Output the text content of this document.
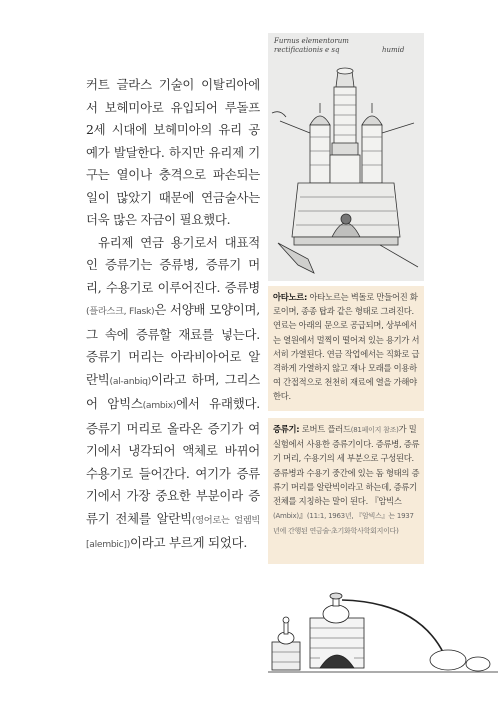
커트 글라스 기술이 이탈리아에서 보헤미아로 유입되어 루돌프 2세 시대에 보헤미아의 유리 공예가 발달한다. 하지만 유리제 기구는 열이나 충격으로 파손되는 일이 많았기 때문에 연금술사는 더욱 많은 자금이 필요했다.

유리제 연금 용기로서 대표적인 증류기는 증류병, 증류기 머리, 수용기로 이루어진다. 증류병(플라스크, Flask)은 서양배 모양이며, 그 속에 증류할 재료를 넣는다. 증류기 머리는 아라비아어로 알란빅(al-anbiq)이라고 하며, 그리스어 암빅스(ambix)에서 유래했다. 증류기 머리로 올라온 증기가 여기에서 냉각되어 액체로 바뀌어 수용기로 들어간다. 여기가 증류기에서 가장 중요한 부분이라 증류기 전체를 알란빅(영어로는 얼렘빅 [alembic])이라고 부르게 되었다.

Furnus elementorum
rectificationis e sq	humid
아타노르: 아타노르는 벽돌로 만들어진 화로이며, 종종 탑과 같은 형태로 그려진다. 연료는 아래의 문으로 공급되며, 상부에서는 열원에서 멀찍이 떨어져 있는 용기가 서서히 가열된다. 연금 작업에서는 직화로 급격하게 가열하지 않고 재나 모래를 이용하여 간접적으로 천천히 재료에 열을 가해야 한다.
증류기: 로버트 플러드(81페이지 참조)가 밀 실험에서 사용한 증류기이다. 증류병, 증류기 머리, 수용기의 세 부분으로 구성된다. 증류병과 수용기 중간에 있는 돔 형태의 증류기 머리를 알란빅이라고 하는데, 증류기 전체를 지칭하는 말이 된다. 『암빅스(Ambix)』(11:1, 1963년, 『암빅스』는 1937년에 간행된 연금술·초기화학사학회지이다)
